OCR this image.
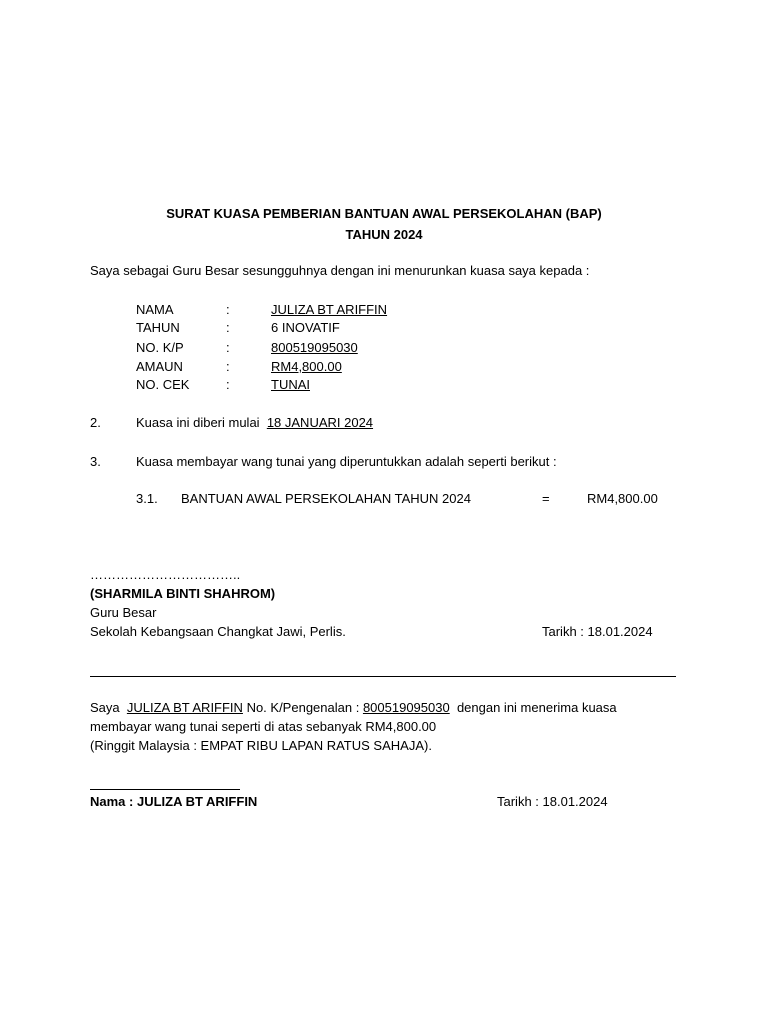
SURAT KUASA PEMBERIAN BANTUAN AWAL PERSEKOLAHAN (BAP)
TAHUN 2024
Saya sebagai Guru Besar sesungguhnya dengan ini menurunkan kuasa saya kepada :
NAMA	:	JULIZA BT ARIFFIN
TAHUN	:	6 INOVATIF
NO. K/P	:	800519095030
AMAUN	:	RM4,800.00
NO. CEK	:	TUNAI
2.	Kuasa ini diberi mulai 18 JANUARI 2024
3.	Kuasa membayar wang tunai yang diperuntukkan adalah seperti berikut :
3.1. BANTUAN AWAL PERSEKOLAHAN TAHUN 2024	=	RM4,800.00
……………………………..
(SHARMILA BINTI SHAHROM)
Guru Besar
Sekolah Kebangsaan Changkat Jawi, Perlis.	Tarikh : 18.01.2024
Saya JULIZA BT ARIFFIN No. K/Pengenalan : 800519095030 dengan ini menerima kuasa
membayar wang tunai seperti di atas sebanyak RM4,800.00
(Ringgit Malaysia : EMPAT RIBU LAPAN RATUS SAHAJA).
Nama : JULIZA BT ARIFFIN	Tarikh : 18.01.2024
